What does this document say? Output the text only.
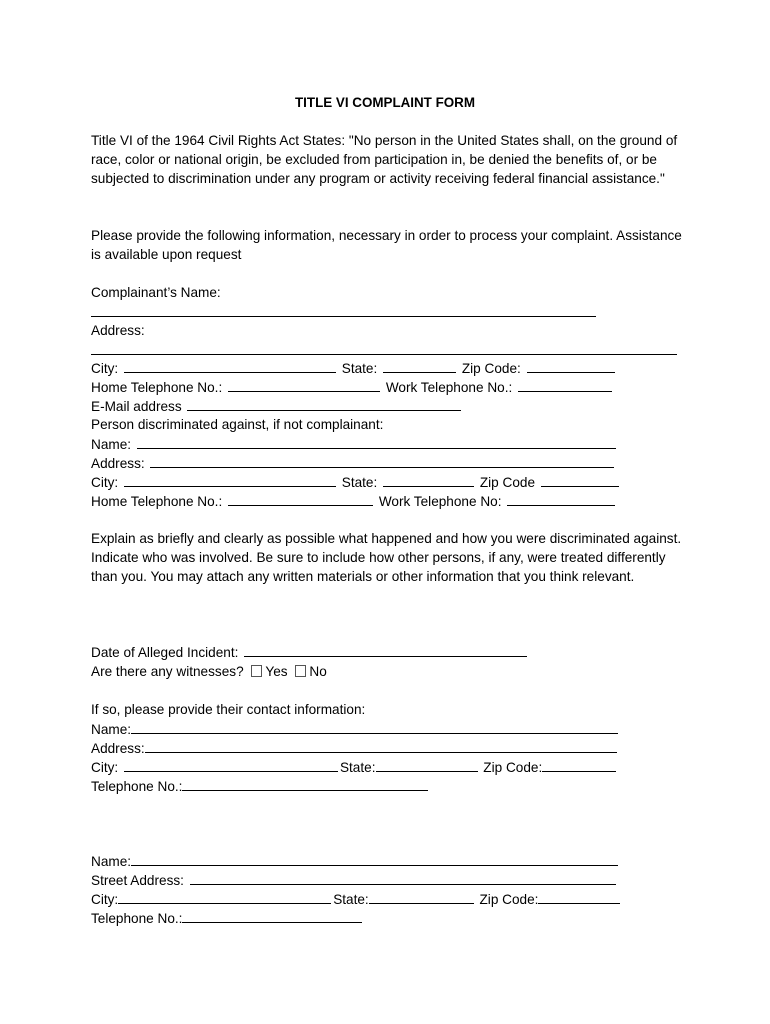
TITLE VI COMPLAINT FORM
Title VI of the 1964 Civil Rights Act States: "No person in the United States shall, on the ground of race, color or national origin, be excluded from participation in, be denied the benefits of, or be subjected to discrimination under any program or activity receiving federal financial assistance."
Please provide the following information, necessary in order to process your complaint. Assistance is available upon request
Complainant’s Name:
Address:
City:	State:	Zip Code:
Home Telephone No.:	Work Telephone No.:
E-Mail address
Person discriminated against, if not complainant:
Name:
Address:
City:	State:	Zip Code
Home Telephone No.:	Work Telephone No:
Explain as briefly and clearly as possible what happened and how you were discriminated against. Indicate who was involved. Be sure to include how other persons, if any, were treated differently than you. You may attach any written materials or other information that you think relevant.
Date of Alleged Incident:
Are there any witnesses? Yes No
If so, please provide their contact information:
Name:
Address:
City:	State:	Zip Code:
Telephone No.:
Name:
Street Address:
City:	State:	Zip Code:
Telephone No.:
